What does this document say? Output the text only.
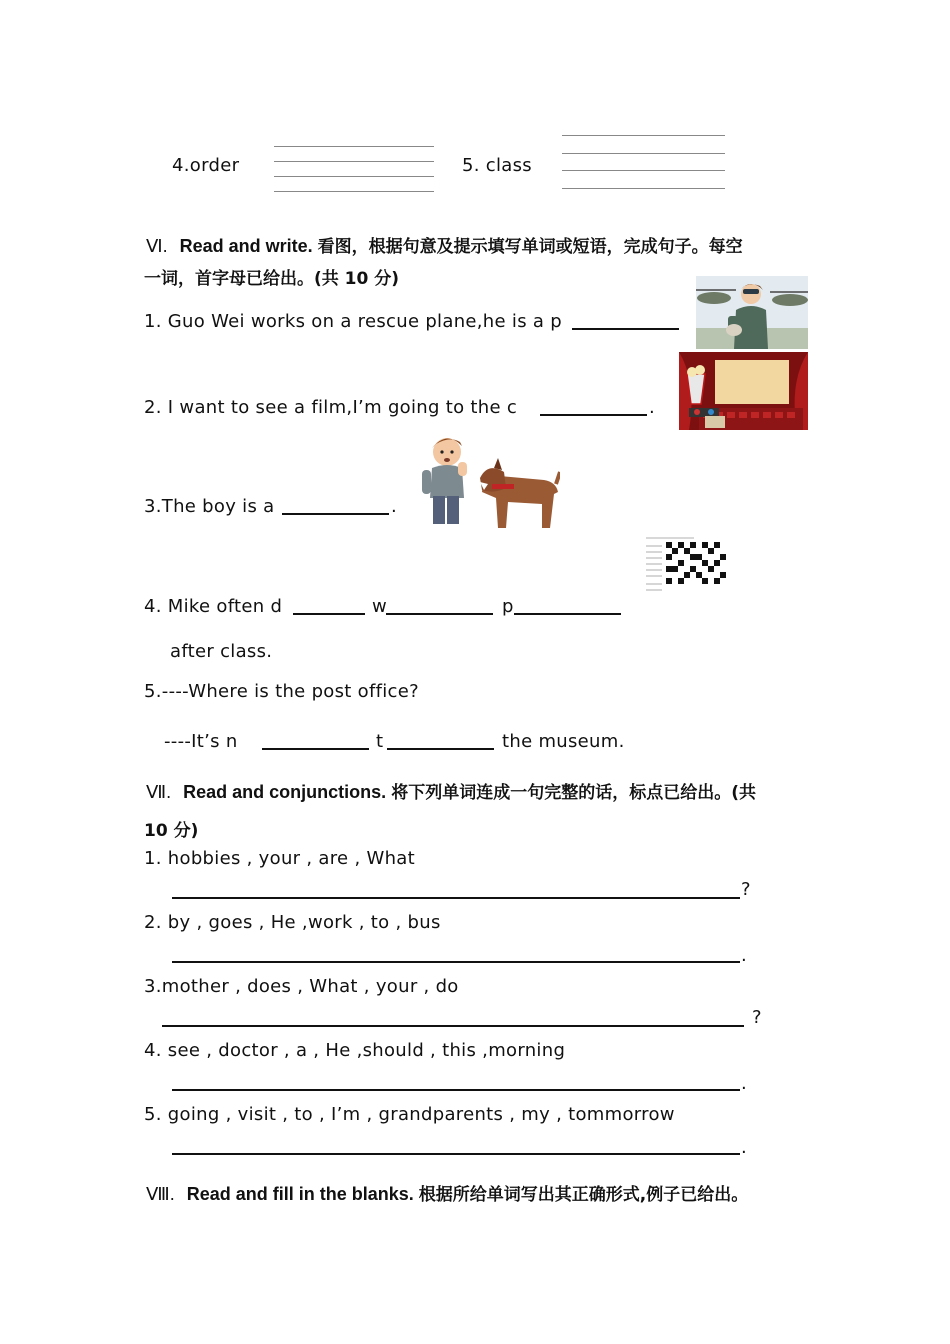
4.order	5. class
Ⅵ. Read and write. 看图，根据句意及提示填写单词或短语，完成句子。每空
一词，首字母已给出。(共 10 分)
1. Guo Wei works on a rescue plane,he is a p
2. I want to see a film,I’m going to the c	.
3.The boy is a	.
4. Mike often d	w	p
after class.
5.----Where is the post office?
----It’s n	t	the museum.
Ⅶ. Read and conjunctions. 将下列单词连成一句完整的话，标点已给出。(共
10 分)
1. hobbies , your , are , What
?
2. by , goes , He ,work , to , bus
.
3.mother , does , What , your , do
?
4. see , doctor , a , He ,should , this ,morning
.
5. going , visit , to , I’m , grandparents , my , tommorrow
.
Ⅷ. Read and fill in the blanks. 根据所给单词写出其正确形式,例子已给出。
